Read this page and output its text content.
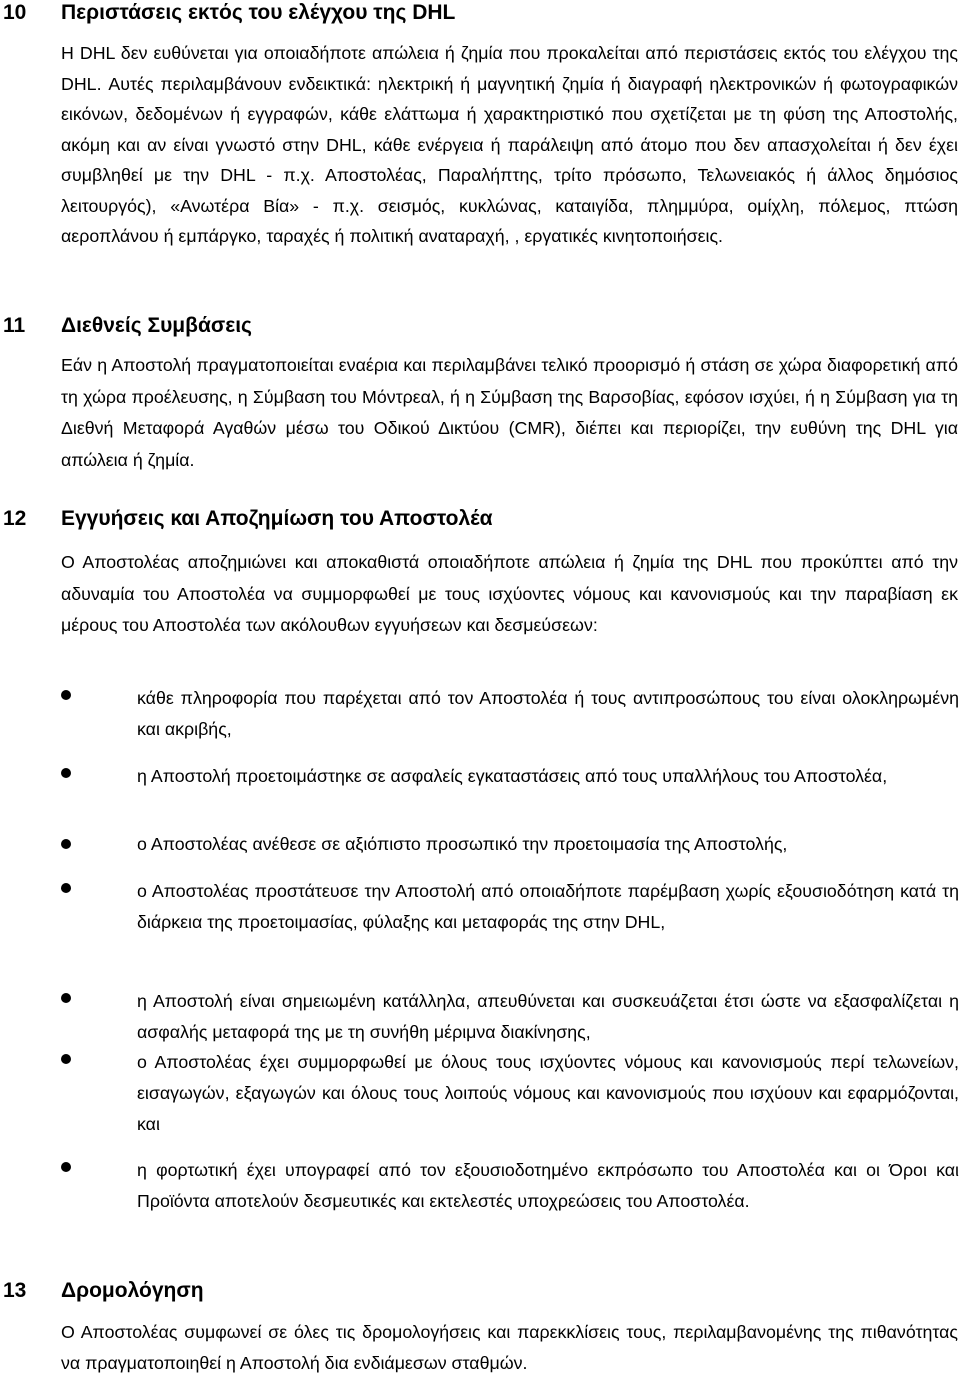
10 Περιστάσεις εκτός του ελέγχου της DHL

Η DHL δεν ευθύνεται για οποιαδήποτε απώλεια ή ζημία που προκαλείται από περιστάσεις εκτός του ελέγχου της DHL. Αυτές περιλαμβάνουν ενδεικτικά: ηλεκτρική ή μαγνητική ζημία ή διαγραφή ηλεκτρονικών ή φωτογραφικών εικόνων, δεδομένων ή εγγραφών, κάθε ελάττωμα ή χαρακτηριστικό που σχετίζεται με τη φύση της Αποστολής, ακόμη και αν είναι γνωστό στην DHL, κάθε ενέργεια ή παράλειψη από άτομο που δεν απασχολείται ή δεν έχει συμβληθεί με την DHL - π.χ. Αποστολέας, Παραλήπτης, τρίτο πρόσωπο, Τελωνειακός ή άλλος δημόσιος λειτουργός), «Ανωτέρα Βία» - π.χ. σεισμός, κυκλώνας, καταιγίδα, πλημμύρα, ομίχλη, πόλεμος, πτώση αεροπλάνου ή εμπάργκο, ταραχές ή πολιτική αναταραχή, , εργατικές κινητοποιήσεις.

11 Διεθνείς Συμβάσεις

Εάν η Αποστολή πραγματοποιείται εναέρια και περιλαμβάνει τελικό προορισμό ή στάση σε χώρα διαφορετική από τη χώρα προέλευσης, η Σύμβαση του Μόντρεαλ, ή η Σύμβαση της Βαρσοβίας, εφόσον ισχύει, ή η Σύμβαση για τη Διεθνή Μεταφορά Αγαθών μέσω του Οδικού Δικτύου (CMR), διέπει και περιορίζει, την ευθύνη της DHL για απώλεια ή ζημία.

12 Εγγυήσεις και Αποζημίωση του Αποστολέα

Ο Αποστολέας αποζημιώνει και αποκαθιστά οποιαδήποτε απώλεια ή ζημία της DHL που προκύπτει από την αδυναμία του Αποστολέα να συμμορφωθεί με τους ισχύοντες νόμους και κανονισμούς και την παραβίαση εκ μέρους του Αποστολέα των ακόλουθων εγγυήσεων και δεσμεύσεων:

κάθε πληροφορία που παρέχεται από τον Αποστολέα ή τους αντιπροσώπους του είναι ολοκληρωμένη και ακριβής,

η Αποστολή προετοιμάστηκε σε ασφαλείς εγκαταστάσεις από τους υπαλλήλους του Αποστολέα,

ο Αποστολέας ανέθεσε σε αξιόπιστο προσωπικό την προετοιμασία της Αποστολής,

ο Αποστολέας προστάτευσε την Αποστολή από οποιαδήποτε παρέμβαση χωρίς εξουσιοδότηση κατά τη διάρκεια της προετοιμασίας, φύλαξης και μεταφοράς της στην DHL,

η Αποστολή είναι σημειωμένη κατάλληλα, απευθύνεται και συσκευάζεται έτσι ώστε να εξασφαλίζεται η ασφαλής μεταφορά της με τη συνήθη μέριμνα διακίνησης,

ο Αποστολέας έχει συμμορφωθεί με όλους τους ισχύοντες νόμους και κανονισμούς περί τελωνείων, εισαγωγών, εξαγωγών και όλους τους λοιπούς νόμους και κανονισμούς που ισχύουν και εφαρμόζονται, και

η φορτωτική έχει υπογραφεί από τον εξουσιοδοτημένο εκπρόσωπο του Αποστολέα και οι Όροι και Προϊόντα αποτελούν δεσμευτικές και εκτελεστές υποχρεώσεις του Αποστολέα.

13 Δρομολόγηση

Ο Αποστολέας συμφωνεί σε όλες τις δρομολογήσεις και παρεκκλίσεις τους, περιλαμβανομένης της πιθανότητας να πραγματοποιηθεί η Αποστολή δια ενδιάμεσων σταθμών.
